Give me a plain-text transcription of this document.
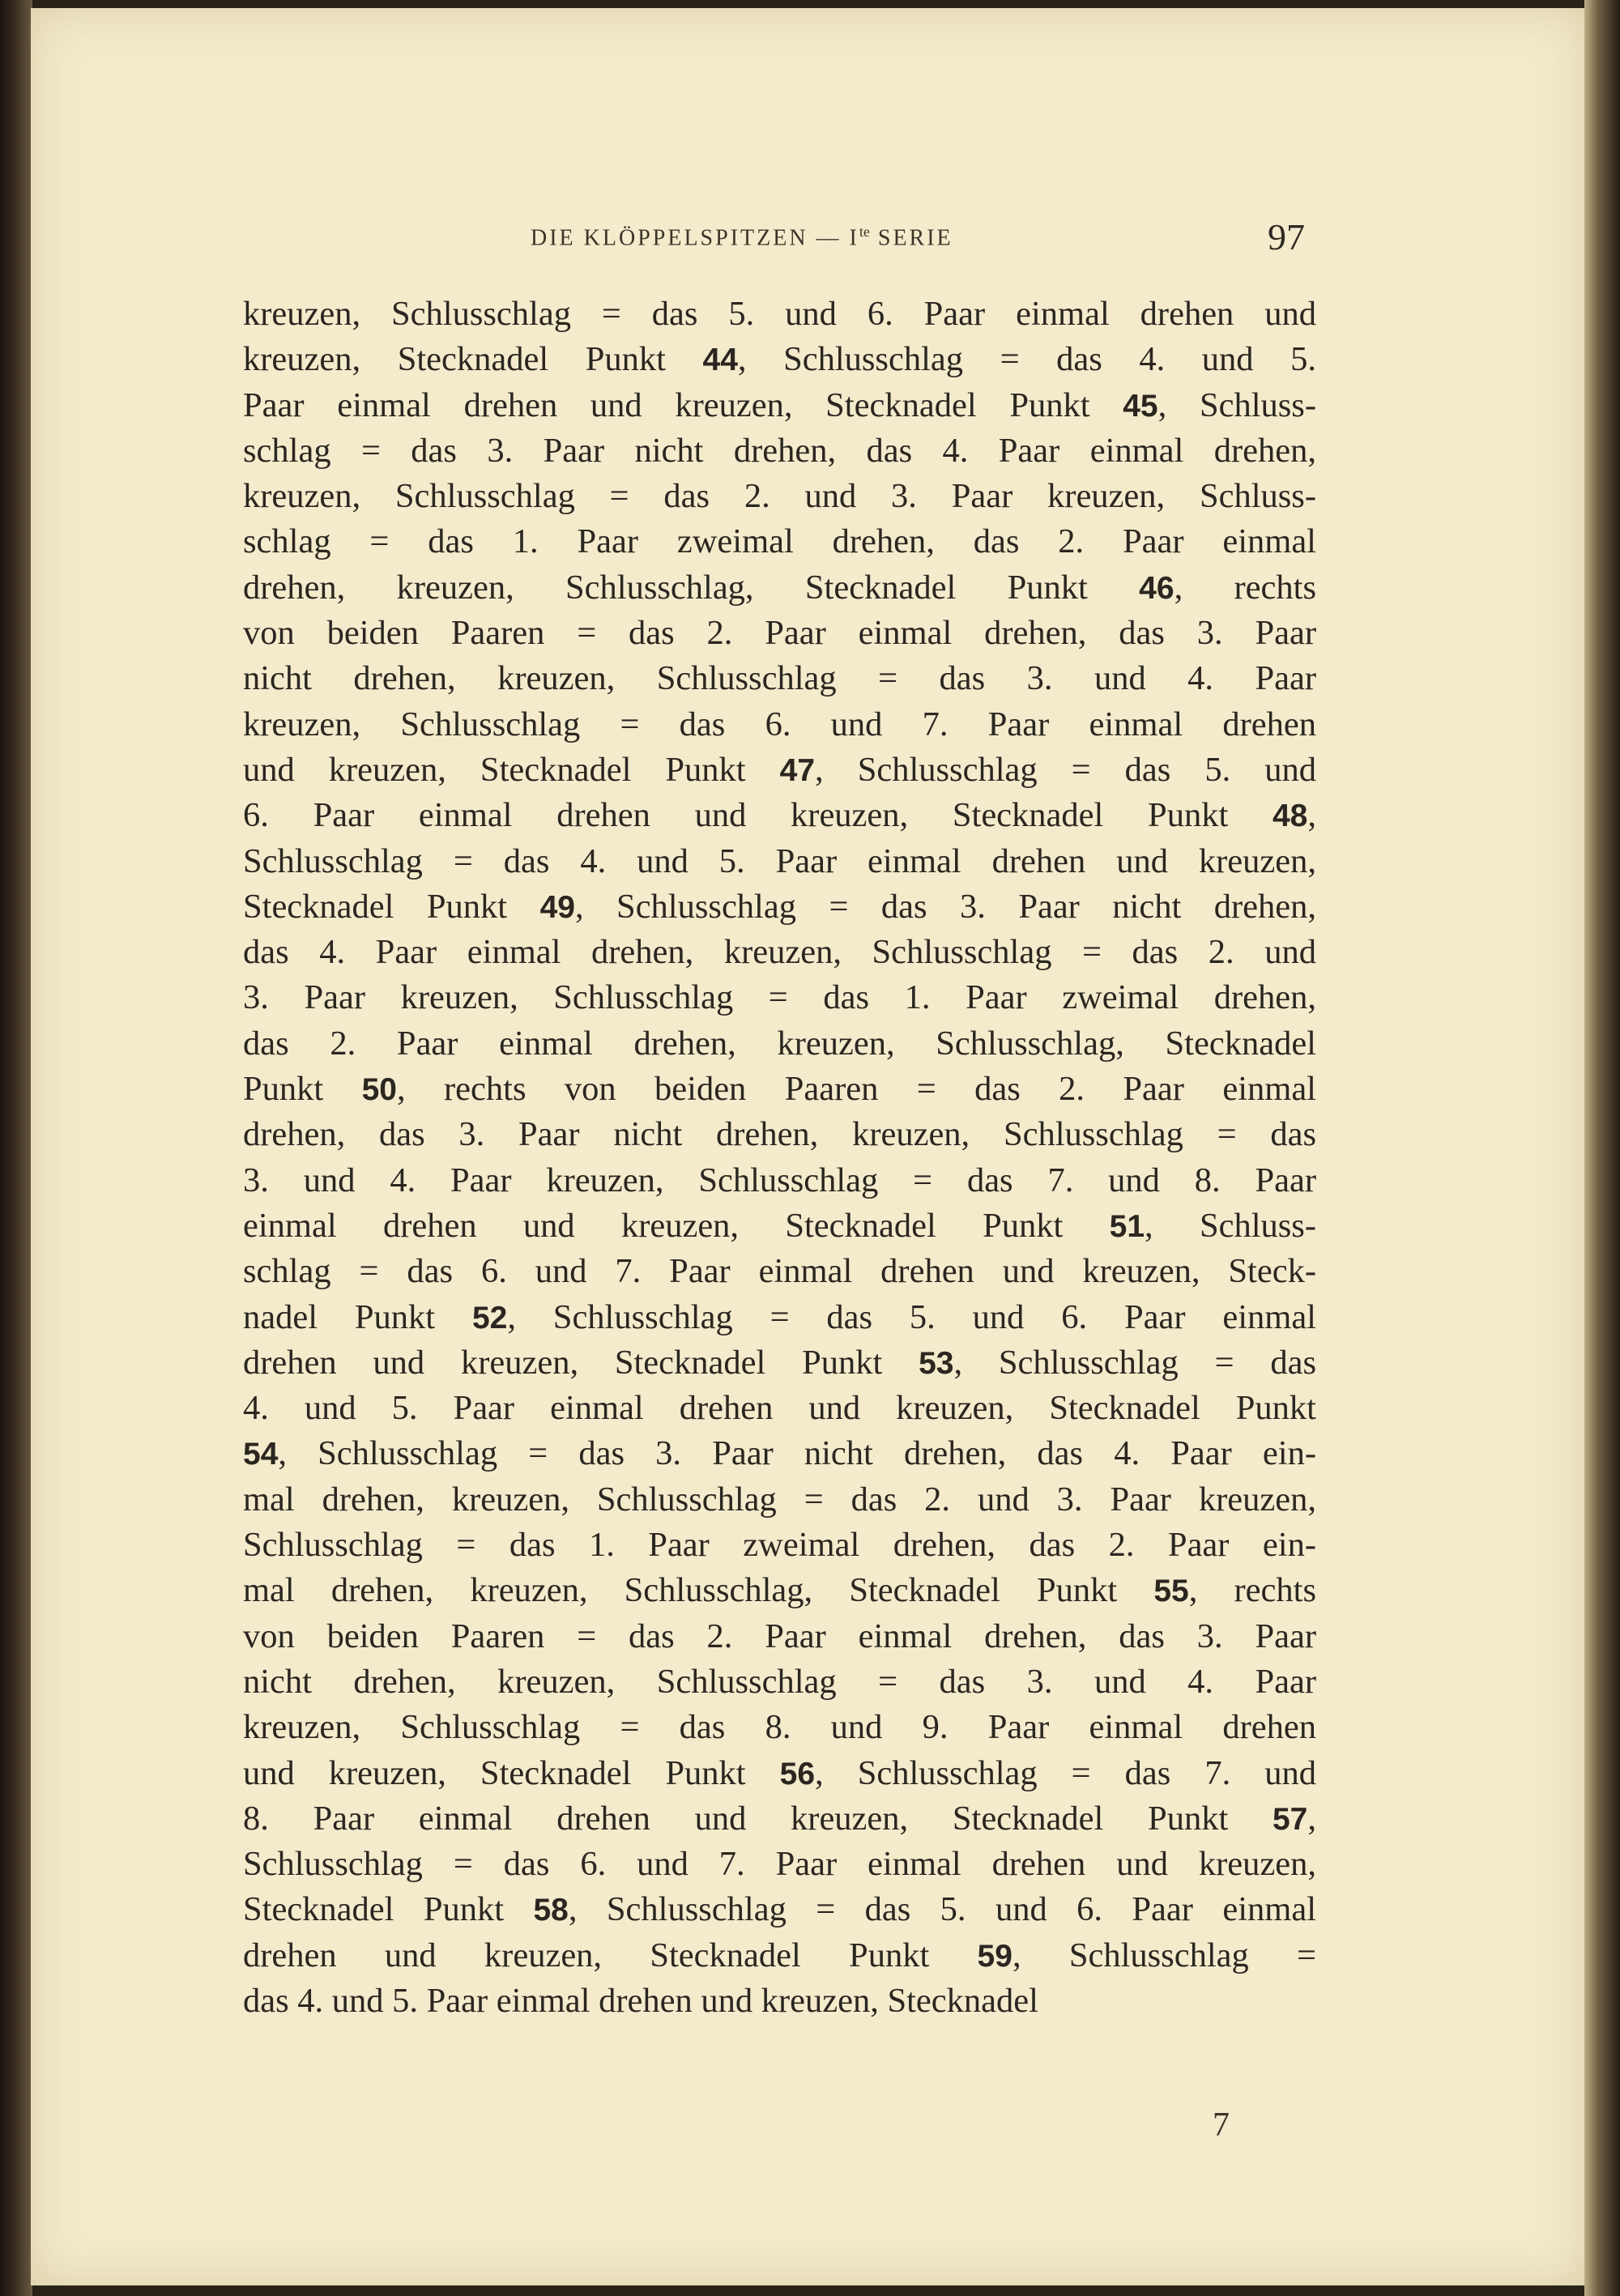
DIE KLÖPPELSPITZEN — $I^{te}$ SERIE	97
kreuzen, Schlusschlag = das 5. und 6. Paar einmal drehen und
kreuzen, Stecknadel Punkt 44, Schlusschlag = das 4. und 5.
Paar einmal drehen und kreuzen, Stecknadel Punkt 45, Schluss-
schlag = das 3. Paar nicht drehen, das 4. Paar einmal drehen,
kreuzen, Schlusschlag = das 2. und 3. Paar kreuzen, Schluss-
schlag = das 1. Paar zweimal drehen, das 2. Paar einmal
drehen, kreuzen, Schlusschlag, Stecknadel Punkt 46, rechts
von beiden Paaren = das 2. Paar einmal drehen, das 3. Paar
nicht drehen, kreuzen, Schlusschlag = das 3. und 4. Paar
kreuzen, Schlusschlag = das 6. und 7. Paar einmal drehen
und kreuzen, Stecknadel Punkt 47, Schlusschlag = das 5. und
6. Paar einmal drehen und kreuzen, Stecknadel Punkt 48,
Schlusschlag = das 4. und 5. Paar einmal drehen und kreuzen,
Stecknadel Punkt 49, Schlusschlag = das 3. Paar nicht drehen,
das 4. Paar einmal drehen, kreuzen, Schlusschlag = das 2. und
3. Paar kreuzen, Schlusschlag = das 1. Paar zweimal drehen,
das 2. Paar einmal drehen, kreuzen, Schlusschlag, Stecknadel
Punkt 50, rechts von beiden Paaren = das 2. Paar einmal
drehen, das 3. Paar nicht drehen, kreuzen, Schlusschlag = das
3. und 4. Paar kreuzen, Schlusschlag = das 7. und 8. Paar
einmal drehen und kreuzen, Stecknadel Punkt 51, Schluss-
schlag = das 6. und 7. Paar einmal drehen und kreuzen, Steck-
nadel Punkt 52, Schlusschlag = das 5. und 6. Paar einmal
drehen und kreuzen, Stecknadel Punkt 53, Schlusschlag = das
4. und 5. Paar einmal drehen und kreuzen, Stecknadel Punkt
54, Schlusschlag = das 3. Paar nicht drehen, das 4. Paar ein-
mal drehen, kreuzen, Schlusschlag = das 2. und 3. Paar kreuzen,
Schlusschlag = das 1. Paar zweimal drehen, das 2. Paar ein-
mal drehen, kreuzen, Schlusschlag, Stecknadel Punkt 55, rechts
von beiden Paaren = das 2. Paar einmal drehen, das 3. Paar
nicht drehen, kreuzen, Schlusschlag = das 3. und 4. Paar
kreuzen, Schlusschlag = das 8. und 9. Paar einmal drehen
und kreuzen, Stecknadel Punkt 56, Schlusschlag = das 7. und
8. Paar einmal drehen und kreuzen, Stecknadel Punkt 57,
Schlusschlag = das 6. und 7. Paar einmal drehen und kreuzen,
Stecknadel Punkt 58, Schlusschlag = das 5. und 6. Paar einmal
drehen und kreuzen, Stecknadel Punkt 59, Schlusschlag =
das 4. und 5. Paar einmal drehen und kreuzen, Stecknadel
7
